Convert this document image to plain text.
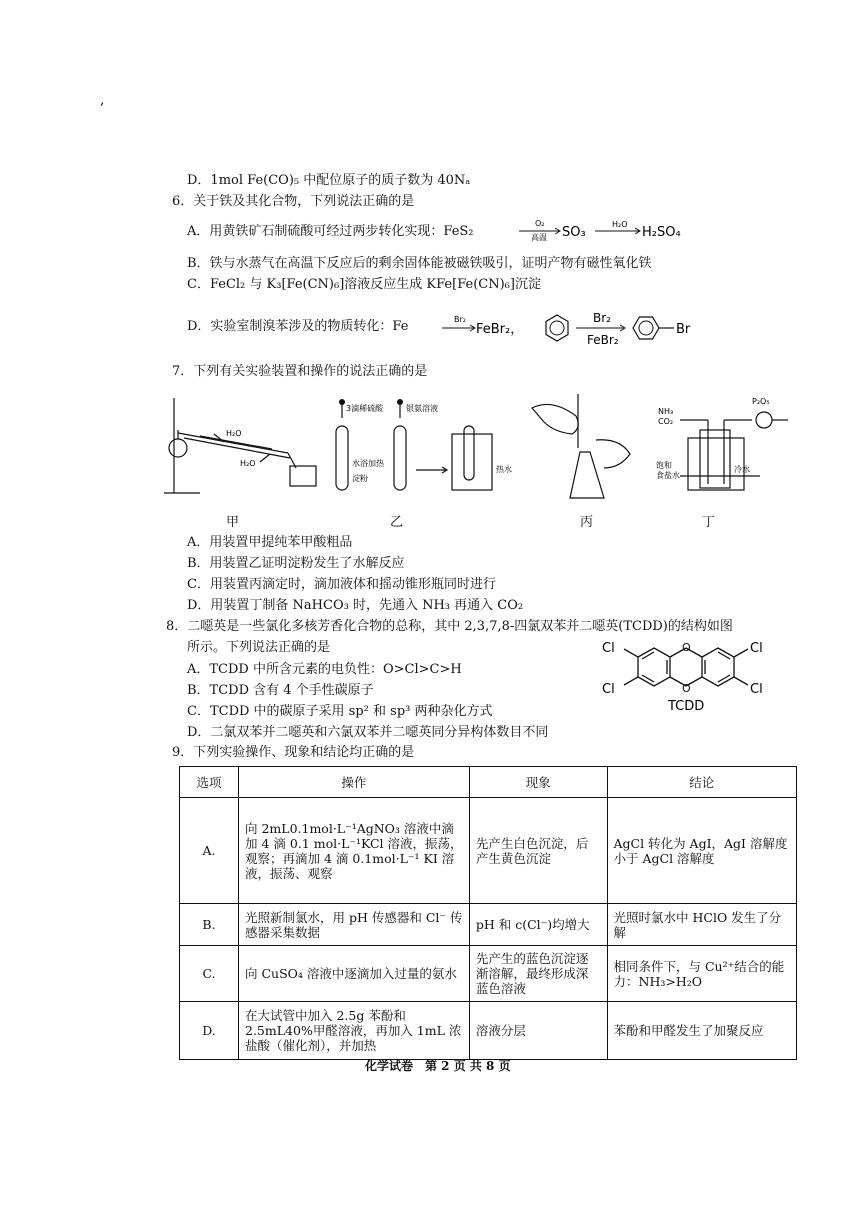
,
D．1mol Fe(CO)₅ 中配位原子的质子数为 40Nₐ
6．关于铁及其化合物，下列说法正确的是
A．用黄铁矿石制硫酸可经过两步转化实现：FeS₂
O₂
高温 SO₃
H₂O
H₂SO₄
B．铁与水蒸气在高温下反应后的剩余固体能被磁铁吸引，证明产物有磁性氧化铁
C．FeCl₂ 与 K₃[Fe(CN)₆]溶液反应生成 KFe[Fe(CN)₆]沉淀
D．实验室制溴苯涉及的物质转化：Fe	Br₂
FeBr₂，
Br₂
FeBr₂
Br
7．下列有关实验装置和操作的说法正确的是
H₂O
H₂O
3滴稀硫酸	银氨溶液
水浴加热
淀粉
热水
NH₃
CO₂
P₂O₅
饱和
食盐水
冷水
甲	乙	丙	丁
A．用装置甲提纯苯甲酸粗品
B．用装置乙证明淀粉发生了水解反应
C．用装置丙滴定时，滴加液体和摇动锥形瓶同时进行
D．用装置丁制备 NaHCO₃ 时，先通入 NH₃ 再通入 CO₂
8．二噁英是一些氯化多核芳香化合物的总称，其中 2,3,7,8-四氯双苯并二噁英(TCDD)的结构如图
所示。下列说法正确的是
A．TCDD 中所含元素的电负性：O>Cl>C>H
B．TCDD 含有 4 个手性碳原子
C．TCDD 中的碳原子采用 sp² 和 sp³ 两种杂化方式
D．二氯双苯并二噁英和六氯双苯并二噁英同分异构体数目不同
O
O
Cl
Cl
Cl
Cl
TCDD
9．下列实验操作、现象和结论均正确的是
选项	操作	现象	结论
A.	向 2mL0.1mol·L⁻¹AgNO₃ 溶液中滴加 4 滴 0.1 mol·L⁻¹KCl 溶液，振荡，观察；再滴加 4 滴 0.1mol·L⁻¹ KI 溶液，振荡、观察	先产生白色沉淀，后产生黄色沉淀	AgCl 转化为 AgI，AgI 溶解度小于 AgCl 溶解度
B.	光照新制氯水，用 pH 传感器和 Cl⁻ 传感器采集数据	pH 和 c(Cl⁻)均增大	光照时氯水中 HClO 发生了分解
C.	向 CuSO₄ 溶液中逐滴加入过量的氨水	先产生的蓝色沉淀逐渐溶解，最终形成深蓝色溶液	相同条件下，与 Cu²⁺结合的能力：NH₃>H₂O
D.	在大试管中加入 2.5g 苯酚和 2.5mL40%甲醛溶液，再加入 1mL 浓盐酸（催化剂），并加热	溶液分层	苯酚和甲醛发生了加聚反应
化学试卷　第 2 页 共 8 页
